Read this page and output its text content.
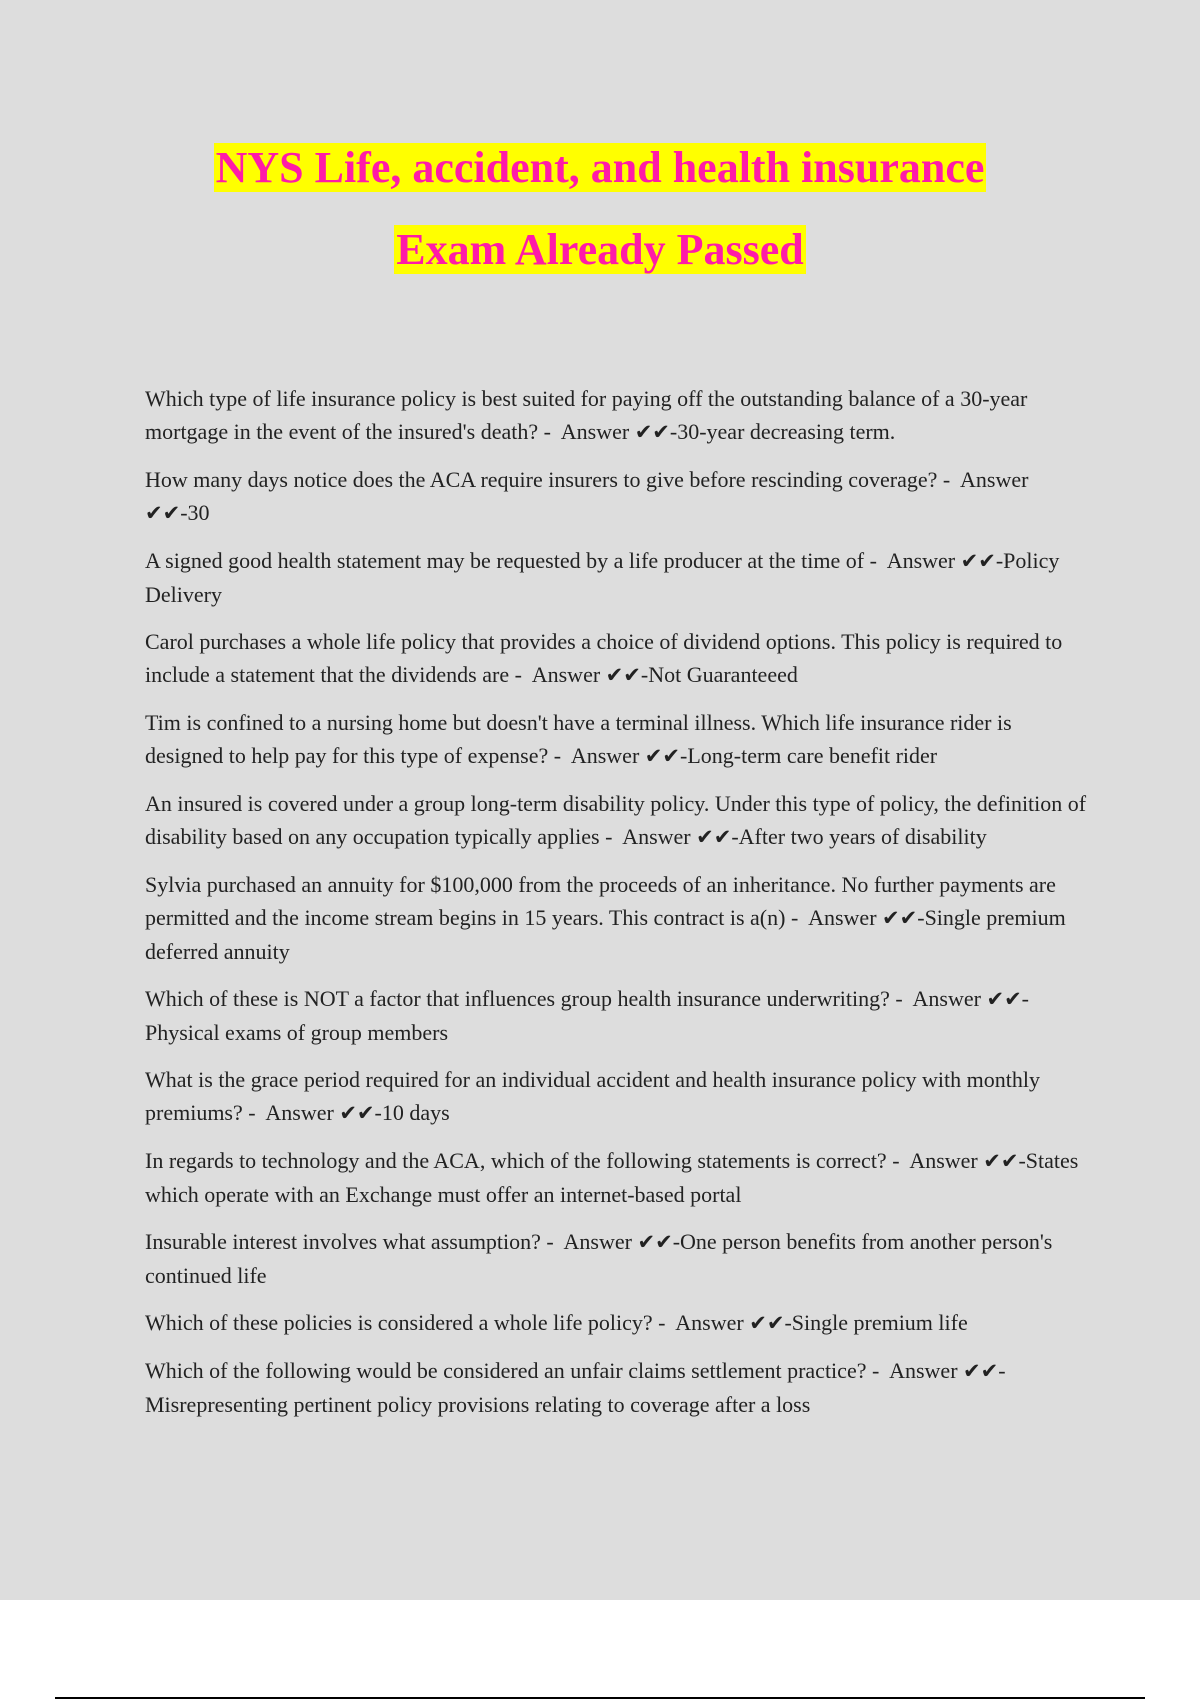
NYS Life, accident, and health insurance
Exam Already Passed
Which type of life insurance policy is best suited for paying off the outstanding balance of a 30-year mortgage in the event of the insured's death? -  Answer ✔✔-30-year decreasing term.
How many days notice does the ACA require insurers to give before rescinding coverage? -  Answer ✔✔-30
A signed good health statement may be requested by a life producer at the time of -  Answer ✔✔-Policy Delivery
Carol purchases a whole life policy that provides a choice of dividend options. This policy is required to include a statement that the dividends are -  Answer ✔✔-Not Guaranteeed
Tim is confined to a nursing home but doesn't have a terminal illness. Which life insurance rider is designed to help pay for this type of expense? -  Answer ✔✔-Long-term care benefit rider
An insured is covered under a group long-term disability policy. Under this type of policy, the definition of disability based on any occupation typically applies -  Answer ✔✔-After two years of disability
Sylvia purchased an annuity for $100,000 from the proceeds of an inheritance. No further payments are permitted and the income stream begins in 15 years. This contract is a(n) -  Answer ✔✔-Single premium deferred annuity
Which of these is NOT a factor that influences group health insurance underwriting? -  Answer ✔✔-Physical exams of group members
What is the grace period required for an individual accident and health insurance policy with monthly premiums? -  Answer ✔✔-10 days
In regards to technology and the ACA, which of the following statements is correct? -  Answer ✔✔-States which operate with an Exchange must offer an internet-based portal
Insurable interest involves what assumption? -  Answer ✔✔-One person benefits from another person's continued life
Which of these policies is considered a whole life policy? -  Answer ✔✔-Single premium life
Which of the following would be considered an unfair claims settlement practice? -  Answer ✔✔-Misrepresenting pertinent policy provisions relating to coverage after a loss
